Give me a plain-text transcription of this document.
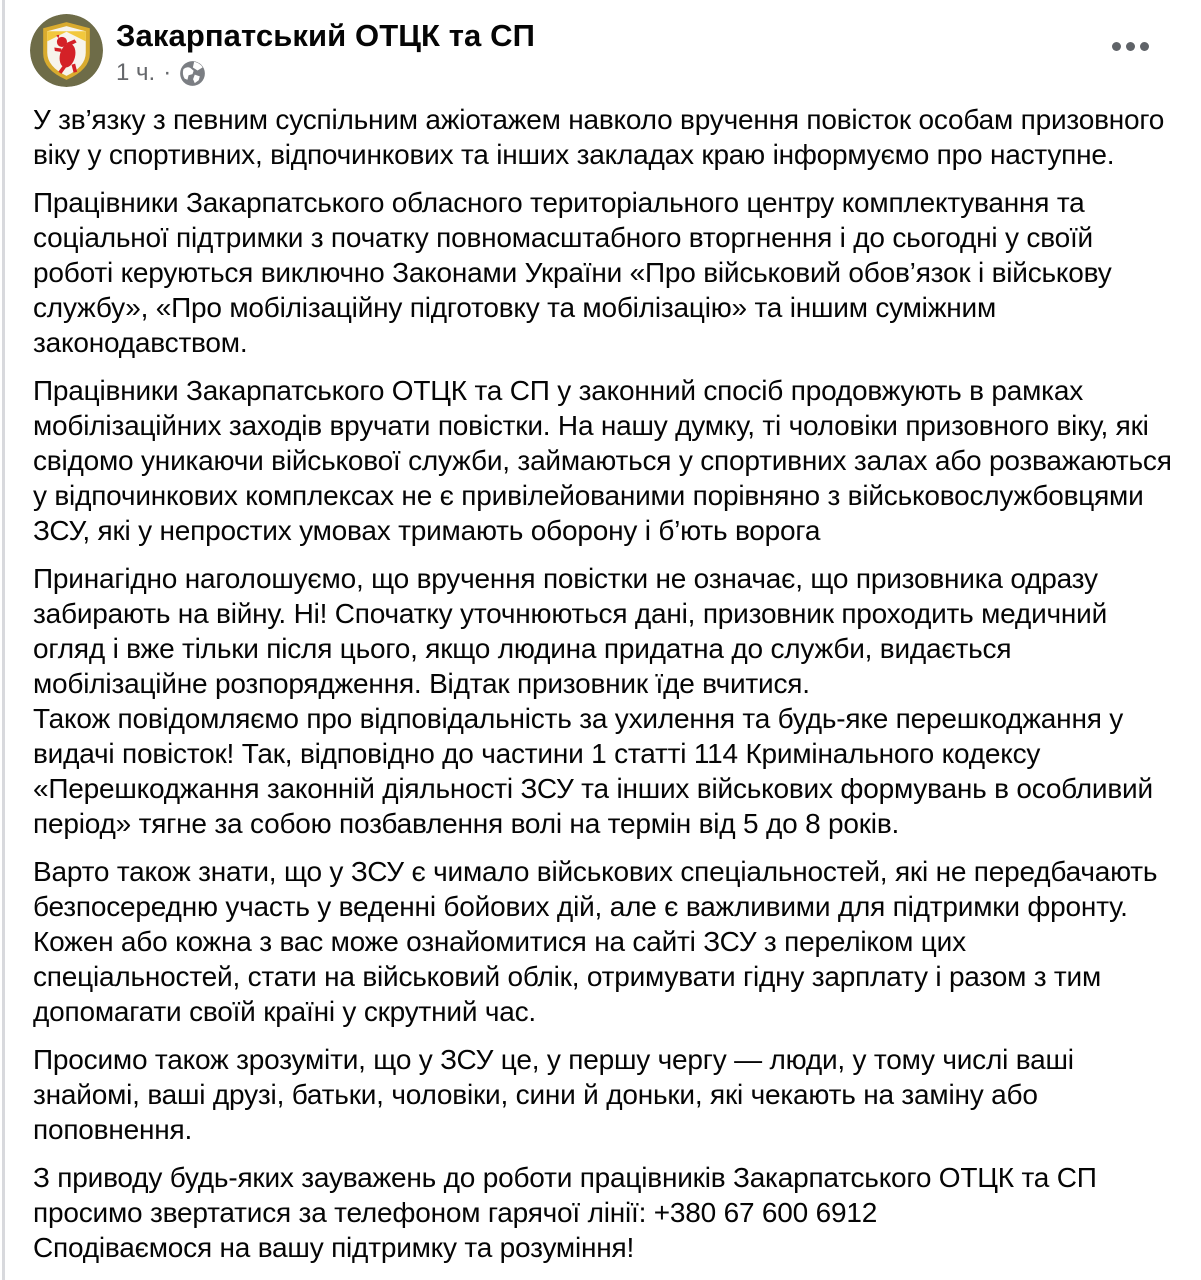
Закарпатський ОТЦК та СП
1 ч. ·
У зв’язку з певним суспільним ажіотажем навколо вручення повісток особам призовного віку у спортивних, відпочинкових та інших закладах краю інформуємо про наступне.
Працівники Закарпатського обласного територіального центру комплектування та соціальної підтримки з початку повномасштабного вторгнення і до сьогодні у своїй роботі керуються виключно Законами України «Про військовий обов’язок і військову службу», «Про мобілізаційну підготовку та мобілізацію» та іншим суміжним законодавством.
Працівники Закарпатського ОТЦК та СП у законний спосіб продовжують в рамках мобілізаційних заходів вручати повістки. На нашу думку, ті чоловіки призовного віку, які свідомо уникаючи військової служби, займаються у спортивних залах або розважаються у відпочинкових комплексах не є привілейованими порівняно з військовослужбовцями ЗСУ, які у непростих умовах тримають оборону і б’ють ворога
Принагідно наголошуємо, що вручення повістки не означає, що призовника одразу забирають на війну. Ні! Спочатку уточнюються дані, призовник проходить медичний огляд і вже тільки після цього, якщо людина придатна до служби, видається мобілізаційне розпорядження. Відтак призовник їде вчитися.
Також повідомляємо про відповідальність за ухилення та будь-яке перешкоджання у видачі повісток! Так, відповідно до частини 1 статті 114 Кримінального кодексу «Перешкоджання законній діяльності ЗСУ та інших військових формувань в особливий період» тягне за собою позбавлення волі на термін від 5 до 8 років.
Варто також знати, що у ЗСУ є чимало військових спеціальностей, які не передбачають безпосередню участь у веденні бойових дій, але є важливими для підтримки фронту. Кожен або кожна з вас може ознайомитися на сайті ЗСУ з переліком цих спеціальностей, стати на військовий облік, отримувати гідну зарплату і разом з тим допомагати своїй країні у скрутний час.
Просимо також зрозуміти, що у ЗСУ це, у першу чергу — люди, у тому числі ваші знайомі, ваші друзі, батьки, чоловіки, сини й доньки, які чекають на заміну або поповнення.
З приводу будь-яких зауважень до роботи працівників Закарпатського ОТЦК та СП просимо звертатися за телефоном гарячої лінії: +380 67 600 6912
Сподіваємося на вашу підтримку та розуміння!
